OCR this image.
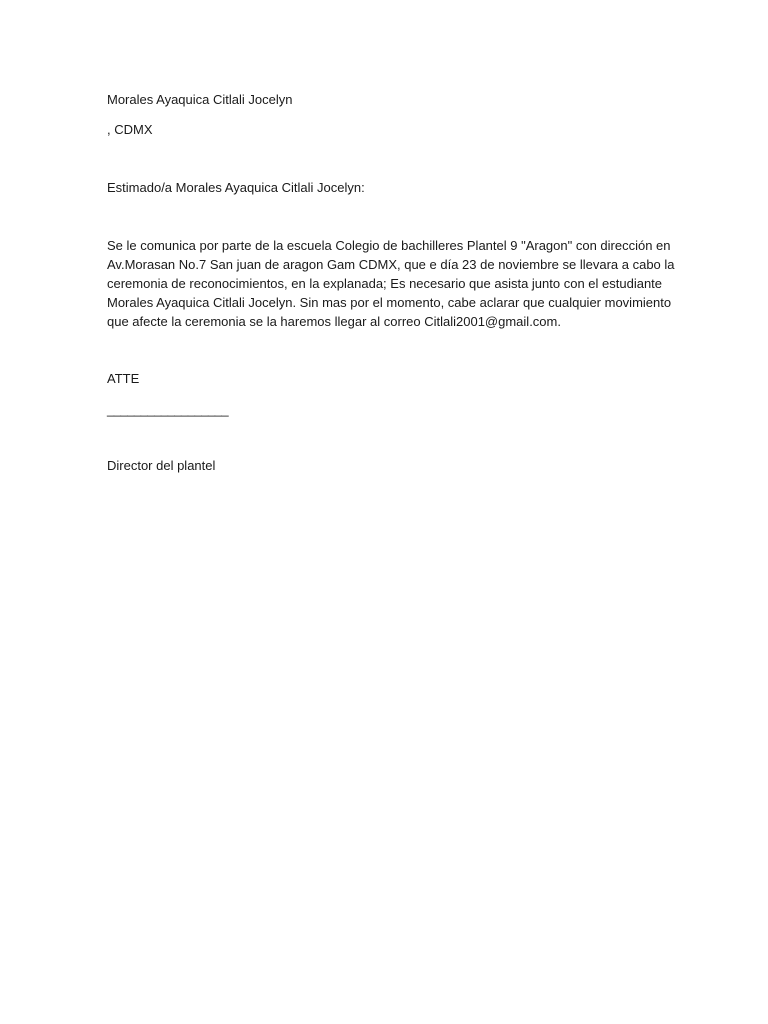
Morales Ayaquica Citlali Jocelyn
, CDMX
Estimado/a Morales Ayaquica Citlali Jocelyn:
Se le comunica por parte de la escuela Colegio de bachilleres Plantel 9 "Aragon" con dirección en
Av.Morasan No.7 San juan de aragon Gam CDMX, que e día 23 de noviembre se llevara a cabo la
ceremonia de reconocimientos, en la explanada; Es necesario que asista junto con el estudiante
Morales Ayaquica Citlali Jocelyn. Sin mas por el momento, cabe aclarar que cualquier movimiento
que afecte la ceremonia se la haremos llegar al correo Citlali2001@gmail.com.
ATTE
__________________
Director del plantel
